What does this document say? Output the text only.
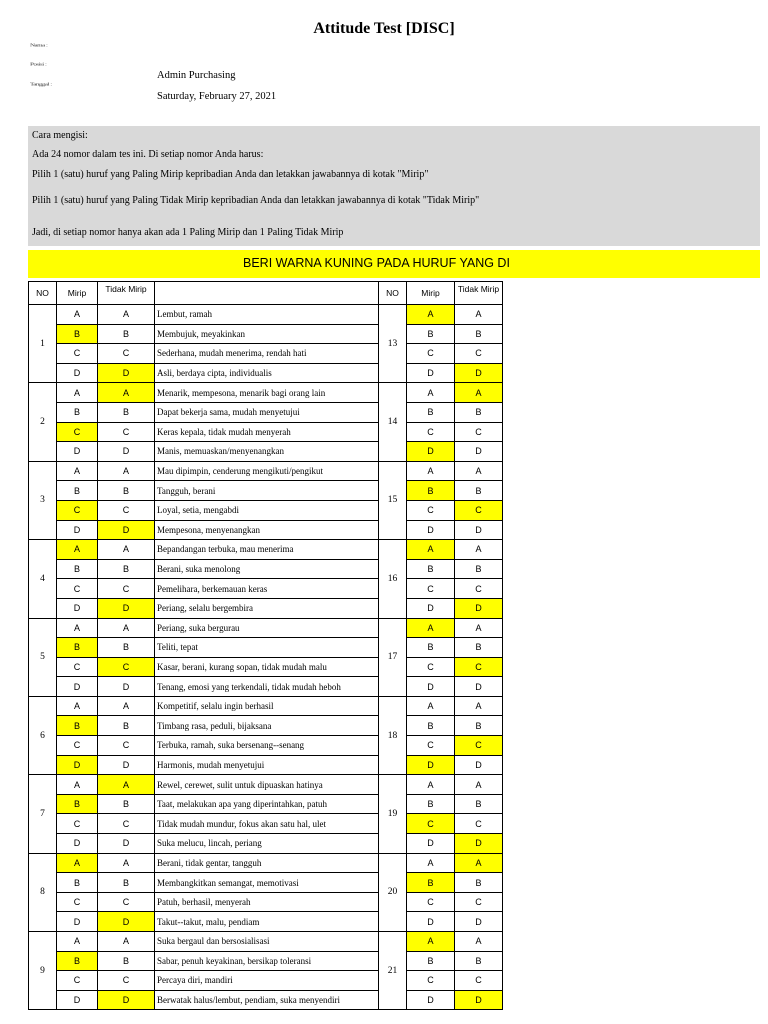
Attitude Test [DISC]
Nama :
Posisi :
Tanggal :
Admin Purchasing
Saturday, February 27, 2021
Cara mengisi:
Ada 24 nomor dalam tes ini. Di setiap nomor Anda harus:
Pilih 1 (satu) huruf yang Paling Mirip kepribadian Anda dan letakkan jawabannya di kotak "Mirip"
Pilih 1 (satu) huruf yang Paling Tidak Mirip kepribadian Anda dan letakkan jawabannya di kotak "Tidak Mirip"
Jadi, di setiap nomor hanya akan ada 1 Paling Mirip dan 1 Paling Tidak Mirip
BERI WARNA KUNING PADA HURUF YANG DI
NO	Mirip	Tidak Mirip		NO	Mirip	Tidak Mirip	
1	A	A	Lembut, ramah	13	A	A	
	B	B	Membujuk, meyakinkan		B	B	
	C	C	Sederhana, mudah menerima, rendah hati		C	C	
	D	D	Asli, berdaya cipta, individualis		D	D	
2	A	A	Menarik, mempesona, menarik bagi orang lain	14	A	A	
	B	B	Dapat bekerja sama, mudah menyetujui		B	B	
	C	C	Keras kepala, tidak mudah menyerah		C	C	
	D	D	Manis, memuaskan/menyenangkan		D	D	
3	A	A	Mau dipimpin, cenderung mengikuti/pengikut	15	A	A	
	B	B	Tangguh, berani		B	B	
	C	C	Loyal, setia, mengabdi		C	C	
	D	D	Mempesona, menyenangkan		D	D	
4	A	A	Bepandangan terbuka, mau menerima	16	A	A	
	B	B	Berani, suka menolong		B	B	
	C	C	Pemelihara, berkemauan keras		C	C	
	D	D	Periang, selalu bergembira		D	D	
5	A	A	Periang, suka bergurau	17	A	A	
	B	B	Teliti, tepat		B	B	
	C	C	Kasar, berani, kurang sopan, tidak mudah malu		C	C	
	D	D	Tenang, emosi yang terkendali, tidak mudah heboh		D	D	
6	A	A	Kompetitif, selalu ingin berhasil	18	A	A	
	B	B	Timbang rasa, peduli, bijaksana		B	B	
	C	C	Terbuka, ramah, suka bersenang--senang		C	C	
	D	D	Harmonis, mudah menyetujui		D	D	
7	A	A	Rewel, cerewet, sulit untuk dipuaskan hatinya	19	A	A	
	B	B	Taat, melakukan apa yang diperintahkan, patuh		B	B	
	C	C	Tidak mudah mundur, fokus akan satu hal, ulet		C	C	
	D	D	Suka melucu, lincah, periang		D	D	
8	A	A	Berani, tidak gentar, tangguh	20	A	A	
	B	B	Membangkitkan semangat, memotivasi		B	B	
	C	C	Patuh, berhasil, menyerah		C	C	
	D	D	Takut--takut, malu, pendiam		D	D	
9	A	A	Suka bergaul dan bersosialisasi	21	A	A	
	B	B	Sabar, penuh keyakinan, bersikap toleransi		B	B	
	C	C	Percaya diri, mandiri		C	C	
	D	D	Berwatak halus/lembut, pendiam, suka menyendiri		D	D	
